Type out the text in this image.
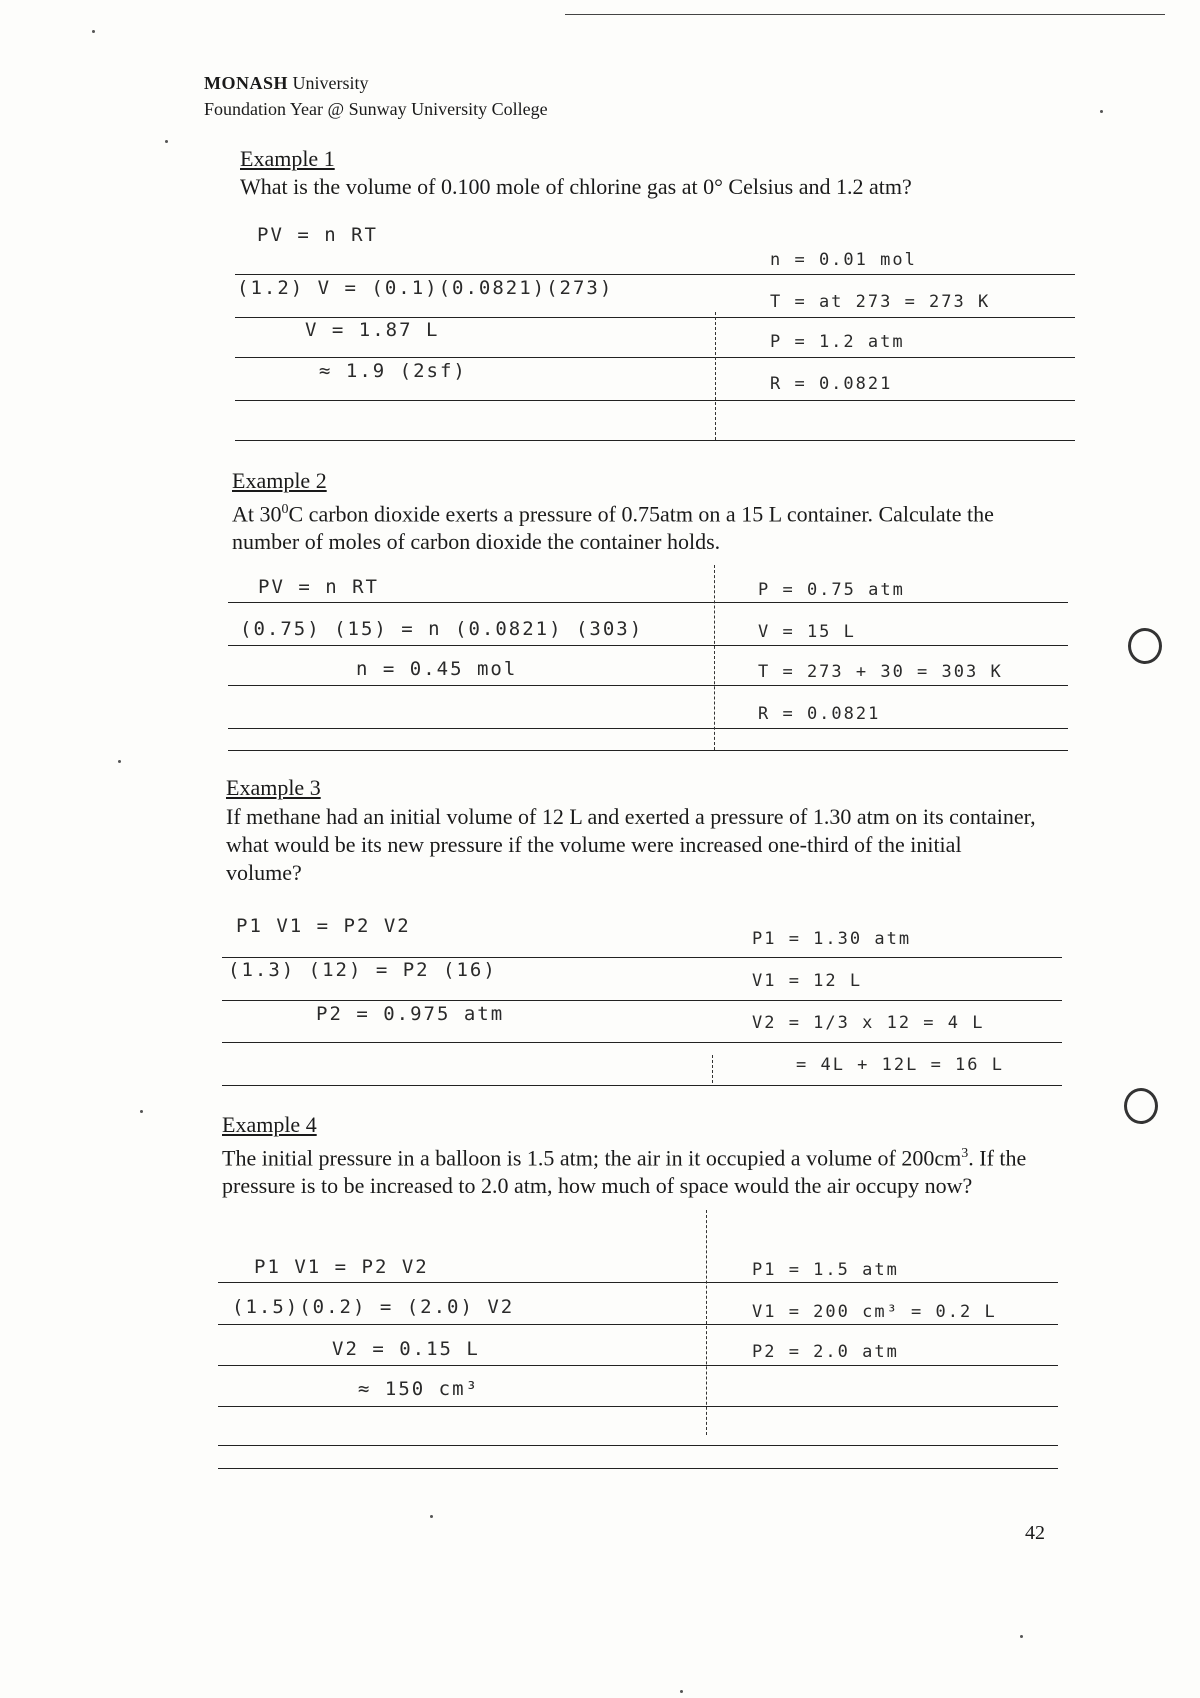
MONASH University
Foundation Year @ Sunway University College
Example 1
What is the volume of 0.100 mole of chlorine gas at 0° Celsius and 1.2 atm?
PV = n RT
(1.2) V = (0.1)(0.0821)(273)
V = 1.87 L
≈ 1.9 (2sf)
n = 0.01 mol
T = at 273 = 273 K
P = 1.2 atm
R = 0.0821
Example 2
At $30^0C$ carbon dioxide exerts a pressure of 0.75atm on a 15 L container. Calculate the number of moles of carbon dioxide the container holds.
PV = n RT
(0.75) (15) = n (0.0821) (303)
n = 0.45 mol
P = 0.75 atm
V = 15 L
T = 273 + 30 = 303 K
R = 0.0821
Example 3
If methane had an initial volume of 12 L and exerted a pressure of 1.30 atm on its container, what would be its new pressure if the volume were increased one-third of the initial volume?
P1 V1 = P2 V2
(1.3) (12) = P2 (16)
P2 = 0.975 atm
P1 = 1.30 atm
V1 = 12 L
V2 = 1/3 x 12 = 4 L
= 4L + 12L = 16 L
Example 4
The initial pressure in a balloon is 1.5 atm; the air in it occupied a volume of $200cm^3$. If the pressure is to be increased to 2.0 atm, how much of space would the air occupy now?
P1 V1 = P2 V2
(1.5)(0.2) = (2.0) V2
V2 = 0.15 L
≈ 150 cm³
P1 = 1.5 atm
V1 = 200 cm³ = 0.2 L
P2 = 2.0 atm
42
